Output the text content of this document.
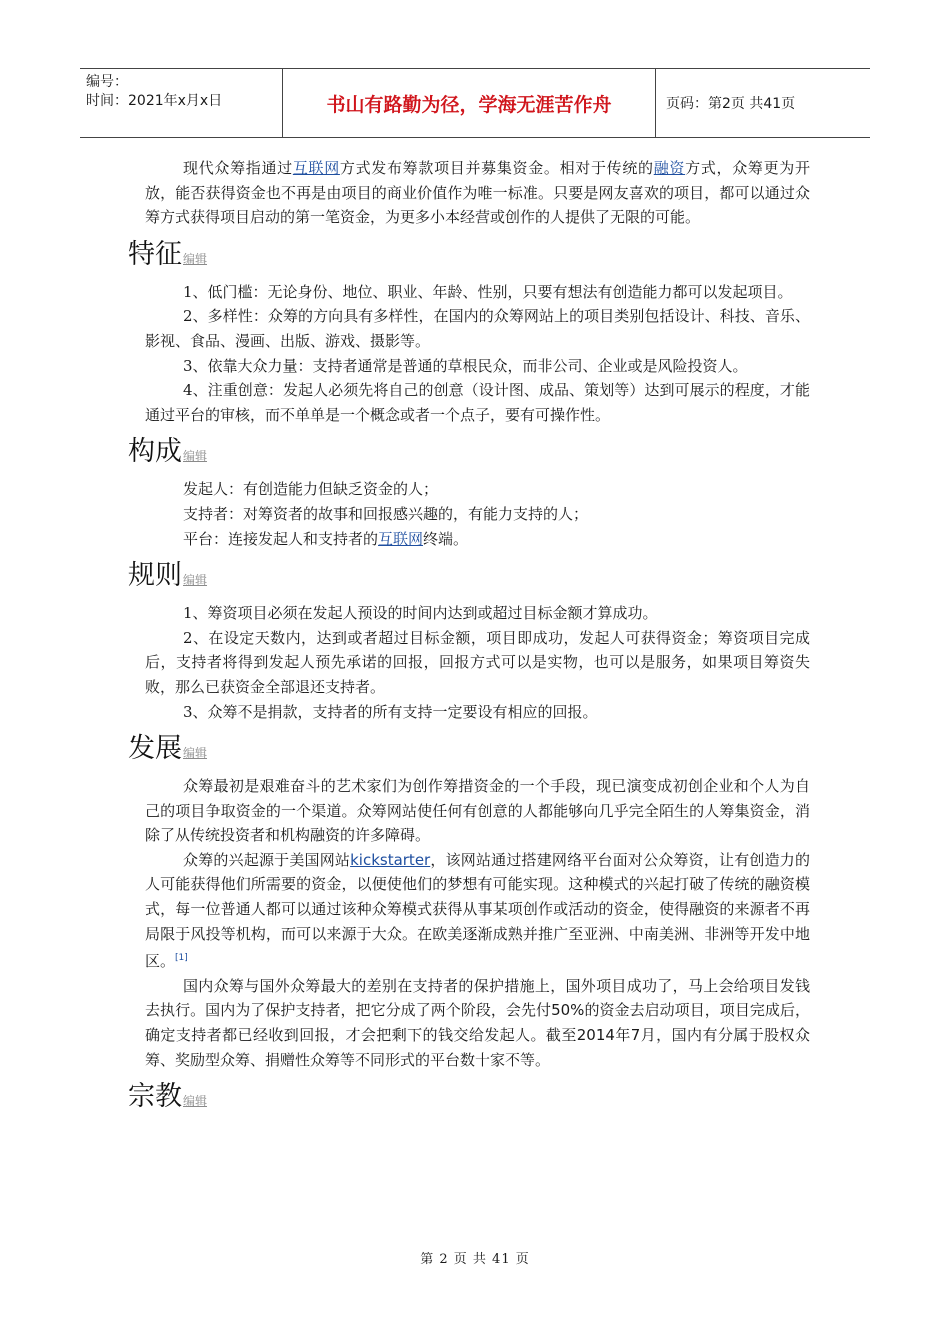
编号：
时间：2021年x月x日	书山有路勤为径，学海无涯苦作舟	页码：第2页 共41页

现代众筹指通过互联网方式发布筹款项目并募集资金。相对于传统的融资方式，众筹更为开放，能否获得资金也不再是由项目的商业价值作为唯一标准。只要是网友喜欢的项目，都可以通过众筹方式获得项目启动的第一笔资金，为更多小本经营或创作的人提供了无限的可能。

特征编辑

1、低门槛：无论身份、地位、职业、年龄、性别，只要有想法有创造能力都可以发起项目。

2、多样性：众筹的方向具有多样性，在国内的众筹网站上的项目类别包括设计、科技、音乐、影视、食品、漫画、出版、游戏、摄影等。

3、依靠大众力量：支持者通常是普通的草根民众，而非公司、企业或是风险投资人。

4、注重创意：发起人必须先将自己的创意（设计图、成品、策划等）达到可展示的程度，才能通过平台的审核，而不单单是一个概念或者一个点子，要有可操作性。

构成编辑

发起人：有创造能力但缺乏资金的人；

支持者：对筹资者的故事和回报感兴趣的，有能力支持的人；

平台：连接发起人和支持者的互联网终端。

规则编辑

1、筹资项目必须在发起人预设的时间内达到或超过目标金额才算成功。

2、在设定天数内，达到或者超过目标金额，项目即成功，发起人可获得资金；筹资项目完成后，支持者将得到发起人预先承诺的回报，回报方式可以是实物，也可以是服务，如果项目筹资失败，那么已获资金全部退还支持者。

3、众筹不是捐款，支持者的所有支持一定要设有相应的回报。

发展编辑

众筹最初是艰难奋斗的艺术家们为创作筹措资金的一个手段，现已演变成初创企业和个人为自己的项目争取资金的一个渠道。众筹网站使任何有创意的人都能够向几乎完全陌生的人筹集资金，消除了从传统投资者和机构融资的许多障碍。

众筹的兴起源于美国网站kickstarter，该网站通过搭建网络平台面对公众筹资，让有创造力的人可能获得他们所需要的资金，以便使他们的梦想有可能实现。这种模式的兴起打破了传统的融资模式，每一位普通人都可以通过该种众筹模式获得从事某项创作或活动的资金，使得融资的来源者不再局限于风投等机构，而可以来源于大众。在欧美逐渐成熟并推广至亚洲、中南美洲、非洲等开发中地区。[1]

国内众筹与国外众筹最大的差别在支持者的保护措施上，国外项目成功了，马上会给项目发钱去执行。国内为了保护支持者，把它分成了两个阶段，会先付50%的资金去启动项目，项目完成后，确定支持者都已经收到回报，才会把剩下的钱交给发起人。截至2014年7月，国内有分属于股权众筹、奖励型众筹、捐赠性众筹等不同形式的平台数十家不等。

宗教编辑
第 2 页 共 41 页
